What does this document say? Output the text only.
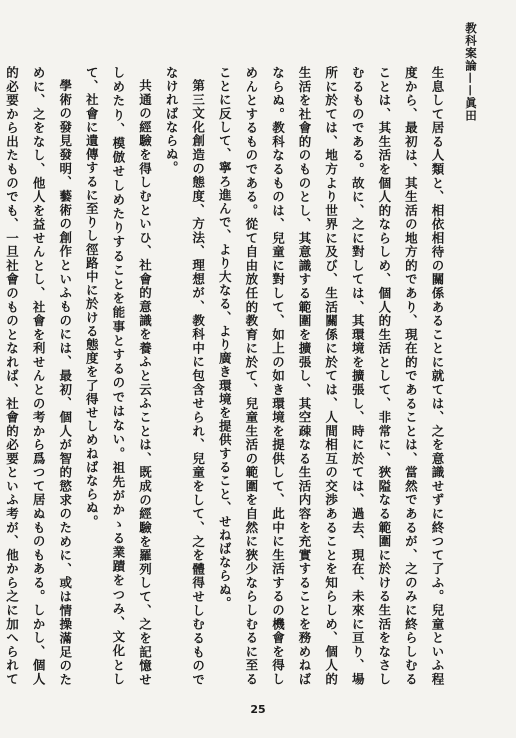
教科案論——眞田

生息して居る人類と、相依相待の關係あることに就ては、之を意識せずに終つて了ふ。兒童といふ程度から、最初は、其生活の地方的であり、現在的であることは、當然であるが、之のみに終らしむることは、其生活を個人的ならしめ、個人的生活として、非常に、狹隘なる範圍に於ける生活をなさしむるものである。故に、之に對しては、其環境を擴張し、時に於ては、過去、現在、未來に亘り、場所に於ては、地方より世界に及び、生活關係に於ては、人間相互の交渉あることを知らしめ、個人的生活を社會的のものとし、其意識する範圍を擴張し、其空疎なる生活内容を充實することを務めねばならぬ。教科なるものは、兒童に對して、如上の如き環境を提供して、此中に生活するの機會を得しめんとするものである。從て自由放任的教育に於て、兒童生活の範圍を自然に狹少ならしむるに至ることに反して、寧ろ進んで、より大なる、より廣き環境を提供すること、せねばならぬ。

第三文化創造の態度、方法、理想が、教科中に包含せられ、兒童をして、之を體得せしむるものでなければならぬ。

共通の經驗を得しむといひ、社會的意識を養ふと云ふことは、既成の經驗を羅列して、之を記憶せしめたり、模倣せしめたりすることを能事とするのではない。祖先がかゝる業蹟をつみ、文化として、社會に遺傳するに至りし徑路中に於ける態度を了得せしめねばならぬ。

學術の發見發明、藝術の創作といふものには、最初、個人が智的慾求のために、或は情操滿足のために、之をなし、他人を益せんとし、社會を利せんとの考から爲つて居ぬものもある。しかし、個人的必要から出たものでも、一旦社會のものとなれば、社會的必要といふ考が、他から之に加へられて

25
